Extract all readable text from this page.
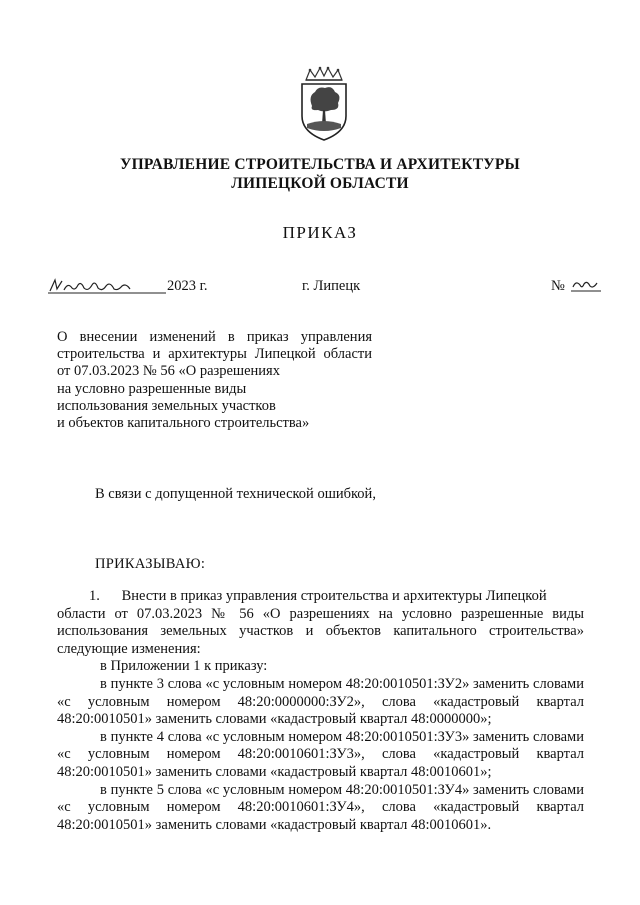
УПРАВЛЕНИЕ СТРОИТЕЛЬСТВА И АРХИТЕКТУРЫ
ЛИПЕЦКОЙ ОБЛАСТИ
ПРИКАЗ
2023 г.	г. Липецк	№
О внесении изменений в приказ управления
строительства и архитектуры Липецкой области
от 07.03.2023 № 56 «О разрешениях
на условно разрешенные виды
использования земельных участков
и объектов капитального строительства»
В связи с допущенной технической ошибкой,
ПРИКАЗЫВАЮ:
1.      Внести в приказ управления строительства и архитектуры Липецкой
области от 07.03.2023 № 56 «О разрешениях на условно разрешенные виды
использования земельных участков и объектов капитального строительства»
следующие изменения:
в Приложении 1 к приказу:
в пункте 3 слова «с условным номером 48:20:0010501:ЗУ2» заменить словами
«с условным номером 48:20:0000000:ЗУ2», слова «кадастровый квартал
48:20:0010501» заменить словами «кадастровый квартал 48:0000000»;
в пункте 4 слова «с условным номером 48:20:0010501:ЗУ3» заменить словами
«с условным номером 48:20:0010601:ЗУ3», слова «кадастровый квартал
48:20:0010501» заменить словами «кадастровый квартал 48:0010601»;
в пункте 5 слова «с условным номером 48:20:0010501:ЗУ4» заменить словами
«с условным номером 48:20:0010601:ЗУ4», слова «кадастровый квартал
48:20:0010501» заменить словами «кадастровый квартал 48:0010601».
